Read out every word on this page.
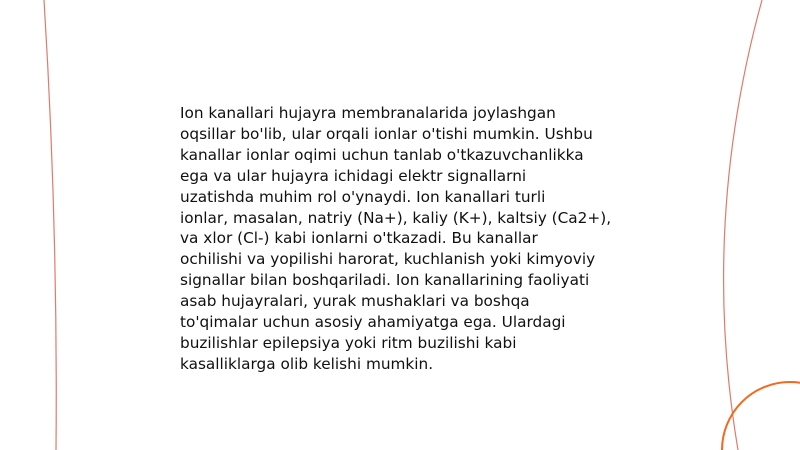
Ion kanallari hujayra membranalarida joylashgan
oqsillar bo'lib, ular orqali ionlar o'tishi mumkin. Ushbu
kanallar ionlar oqimi uchun tanlab o'tkazuvchanlikka
ega va ular hujayra ichidagi elektr signallarni
uzatishda muhim rol o'ynaydi. Ion kanallari turli
ionlar, masalan, natriy (Na+), kaliy (K+), kaltsiy (Ca2+),
va xlor (Cl-) kabi ionlarni o'tkazadi. Bu kanallar
ochilishi va yopilishi harorat, kuchlanish yoki kimyoviy
signallar bilan boshqariladi. Ion kanallarining faoliyati
asab hujayralari, yurak mushaklari va boshqa
to'qimalar uchun asosiy ahamiyatga ega. Ulardagi
buzilishlar epilepsiya yoki ritm buzilishi kabi
kasalliklarga olib kelishi mumkin.
